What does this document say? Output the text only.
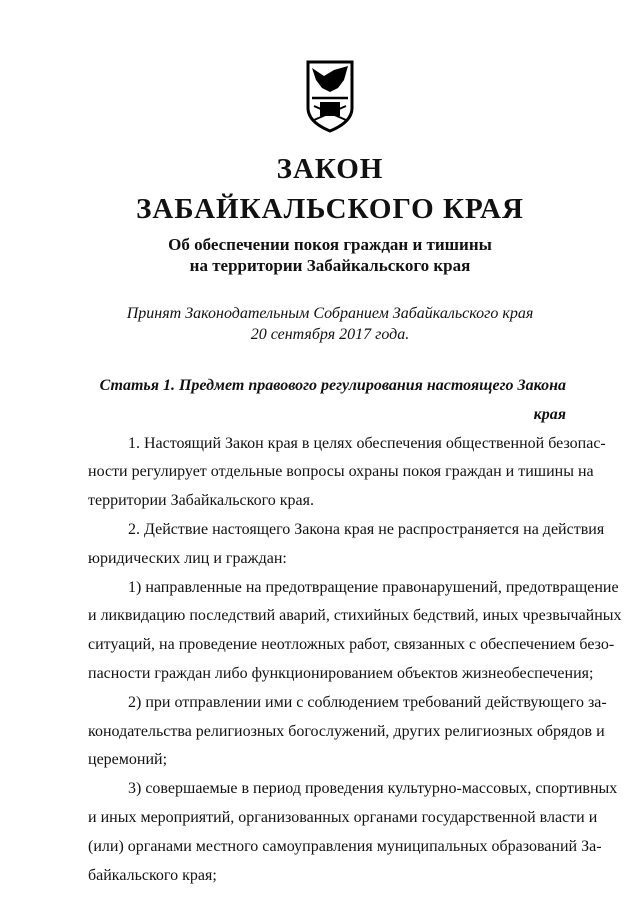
ЗАКОН
ЗАБАЙКАЛЬСКОГО КРАЯ
Об обеспечении покоя граждан и тишины
на территории Забайкальского края
Принят Законодательным Собранием Забайкальского края
20 сентября 2017 года.
Статья 1. Предмет правового регулирования настоящего Закона края
1. Настоящий Закон края в целях обеспечения общественной безопас-
ности регулирует отдельные вопросы охраны покоя граждан и тишины на
территории Забайкальского края.
2. Действие настоящего Закона края не распространяется на действия
юридических лиц и граждан:
1) направленные на предотвращение правонарушений, предотвращение
и ликвидацию последствий аварий, стихийных бедствий, иных чрезвычайных
ситуаций, на проведение неотложных работ, связанных с обеспечением безо-
пасности граждан либо функционированием объектов жизнеобеспечения;
2) при отправлении ими с соблюдением требований действующего за-
конодательства религиозных богослужений, других религиозных обрядов и
церемоний;
3) совершаемые в период проведения культурно-массовых, спортивных
и иных мероприятий, организованных органами государственной власти и
(или) органами местного самоуправления муниципальных образований За-
байкальского края;
